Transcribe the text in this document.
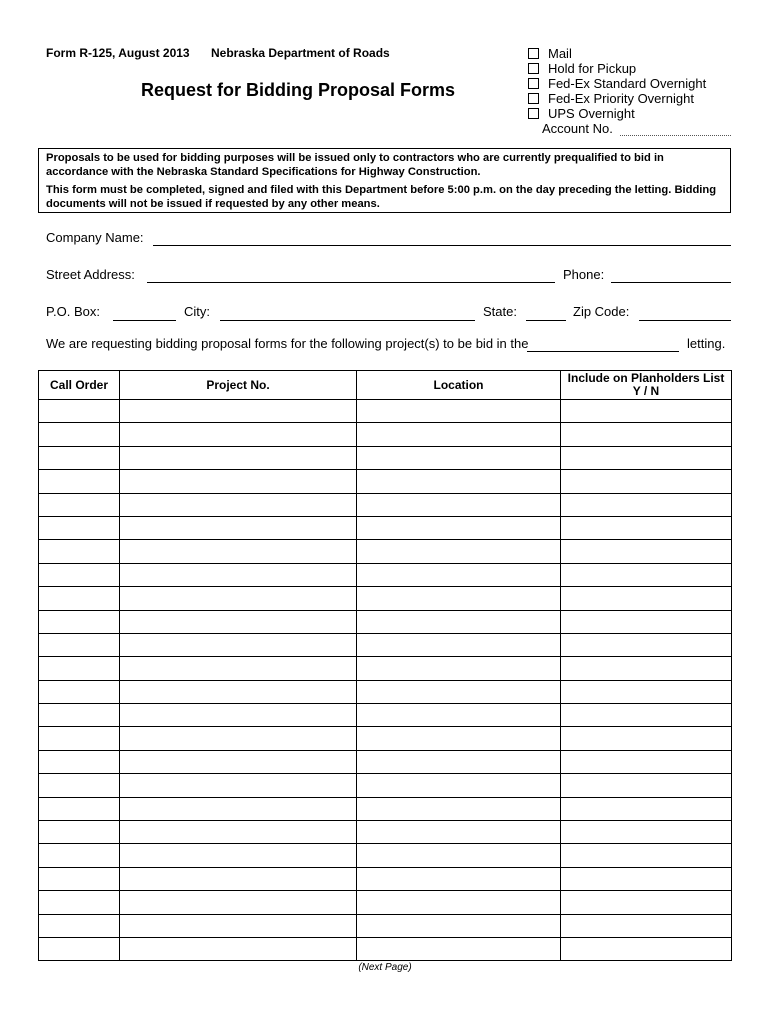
Form R-125, August 2013 Nebraska Department of Roads
Request for Bidding Proposal Forms
Mail
Hold for Pickup
Fed-Ex Standard Overnight
Fed-Ex Priority Overnight
UPS Overnight
Account No.

Proposals to be used for bidding purposes will be issued only to contractors who are currently prequalified to bid in accordance with the Nebraska Standard Specifications for Highway Construction.

This form must be completed, signed and filed with this Department before 5:00 p.m. on the day preceding the letting. Bidding documents will not be issued if requested by any other means.

Company Name:
Street Address:	Phone:
P.O. Box:	City:	State:	Zip Code:
We are requesting bidding proposal forms for the following project(s) to be bid in the	letting.
Call Order	Project No.	Location	Include on Planholders List
Y / N

(Next Page)
